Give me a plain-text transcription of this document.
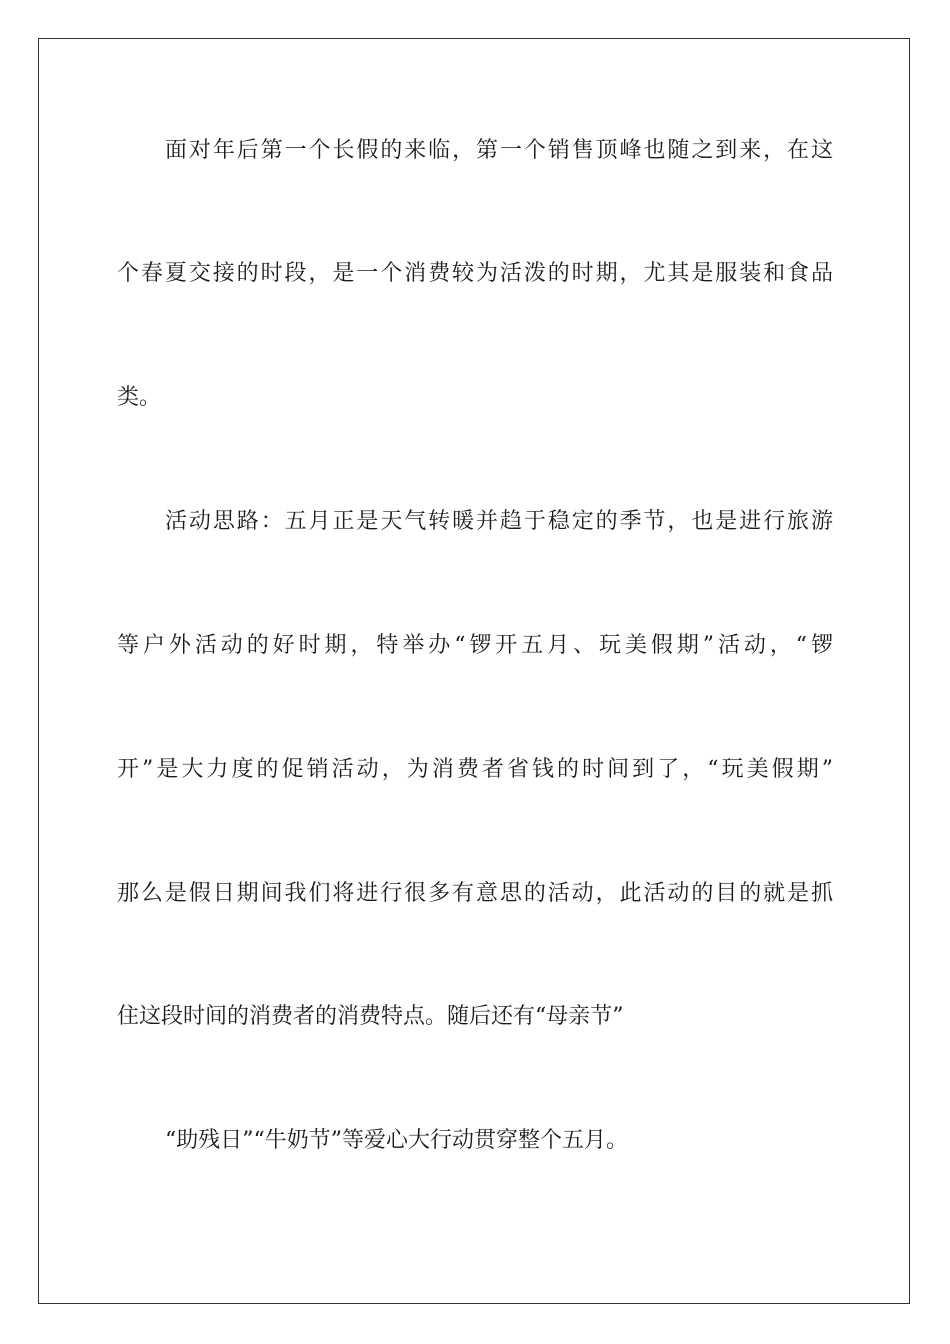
面对年后第一个长假的来临，第一个销售顶峰也随之到来，在这
个春夏交接的时段，是一个消费较为活泼的时期，尤其是服装和食品
类。
活动思路：五月正是天气转暖并趋于稳定的季节，也是进行旅游
等户外活动的好时期，特举办“锣开五月、玩美假期”活动，“锣
开”是大力度的促销活动，为消费者省钱的时间到了，“玩美假期”
那么是假日期间我们将进行很多有意思的活动，此活动的目的就是抓
住这段时间的消费者的消费特点。随后还有“母亲节”
“助残日”“牛奶节”等爱心大行动贯穿整个五月。
